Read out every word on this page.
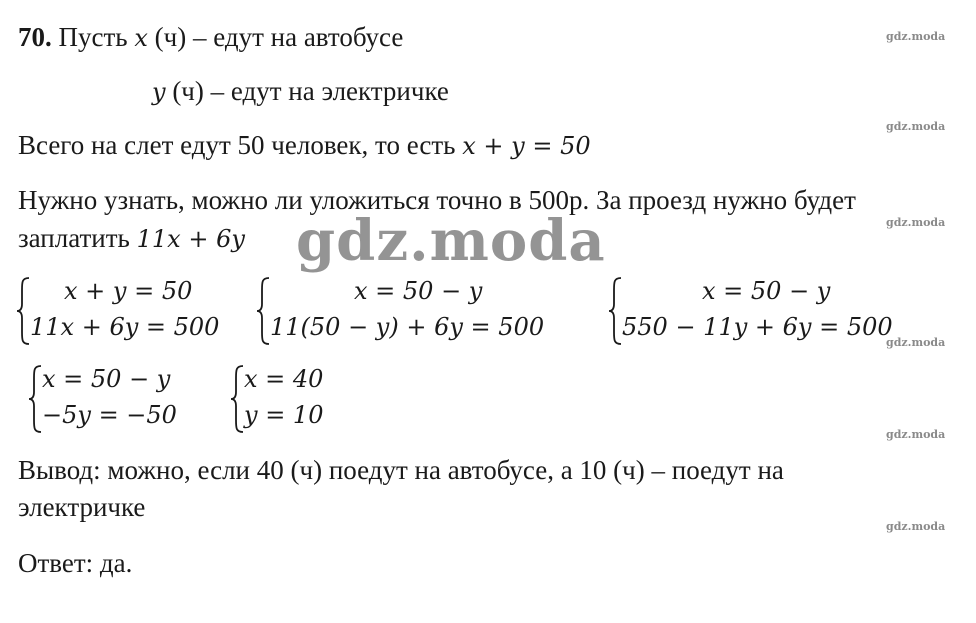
70. Пусть x (ч) – едут на автобусе
y (ч) – едут на электричке
Всего на слет едут 50 человек, то есть x + y = 50
Нужно узнать, можно ли уложиться точно в 500р. За проезд нужно будет
заплатить 11x + 6y gdz.moda
x + y = 50
11x + 6y = 500
x = 50 − y
11(50 − y) + 6y = 500
x = 50 − y
550 − 11y + 6y = 500
x = 50 − y
−5y = −50
x = 40
y = 10
Вывод: можно, если 40 (ч) поедут на автобусе, а 10 (ч) – поедут на
электричке
Ответ: да.
gdz.moda
gdz.moda
gdz.moda
gdz.moda
gdz.moda
gdz.moda
